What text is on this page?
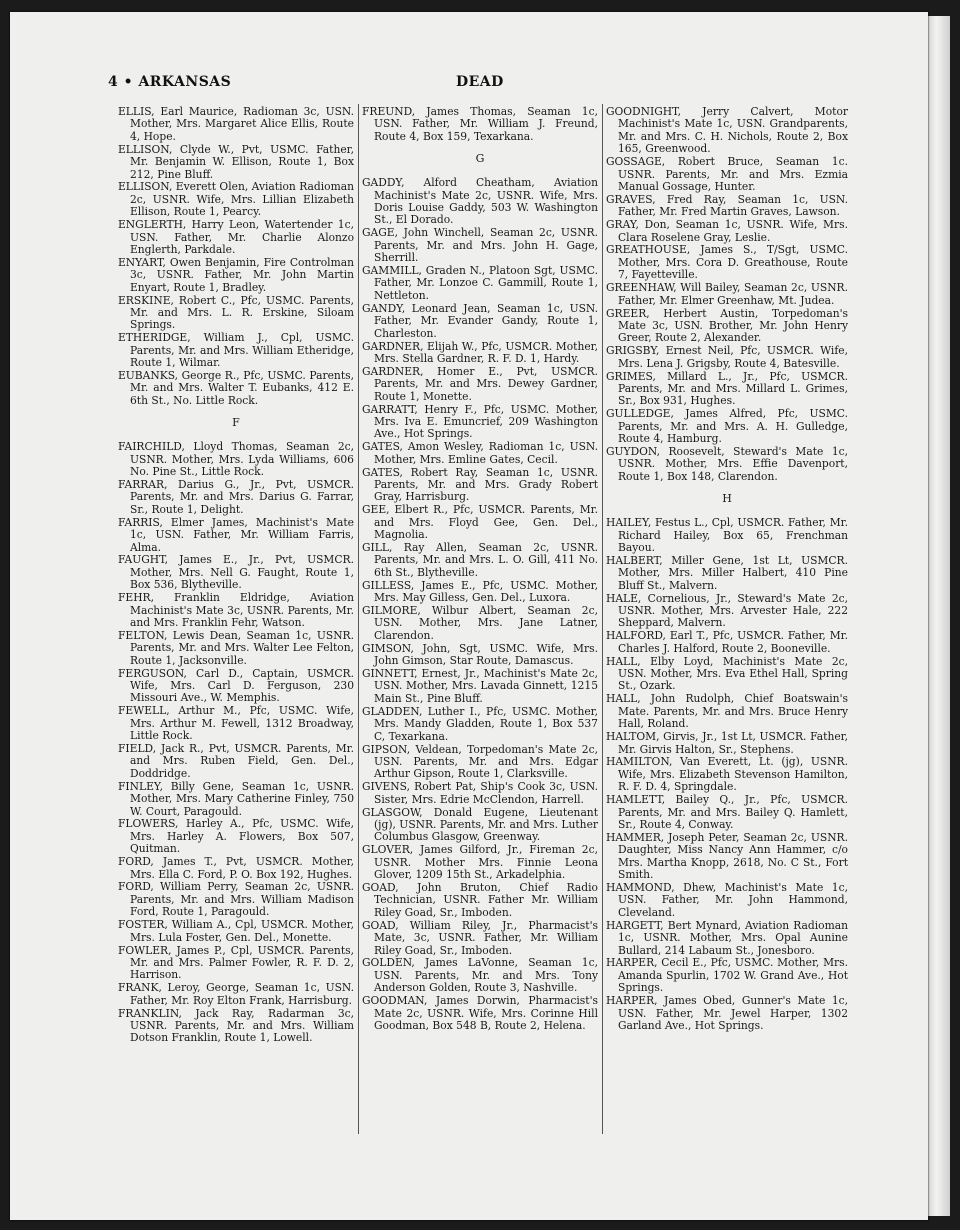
4 • ARKANSAS	DEAD

ELLIS, Earl Maurice, Radioman 3c, USN. Mother, Mrs. Margaret Alice Ellis, Route 4, Hope.

ELLISON, Clyde W., Pvt, USMC. Father, Mr. Benjamin W. Ellison, Route 1, Box 212, Pine Bluff.

ELLISON, Everett Olen, Aviation Radioman 2c, USNR. Wife, Mrs. Lillian Elizabeth Ellison, Route 1, Pearcy.

ENGLERTH, Harry Leon, Watertender 1c, USN. Father, Mr. Charlie Alonzo Englerth, Parkdale.

ENYART, Owen Benjamin, Fire Controlman 3c, USNR. Father, Mr. John Martin Enyart, Route 1, Bradley.

ERSKINE, Robert C., Pfc, USMC. Parents, Mr. and Mrs. L. R. Erskine, Siloam Springs.

ETHERIDGE, William J., Cpl, USMC. Parents, Mr. and Mrs. William Etheridge, Route 1, Wilmar.

EUBANKS, George R., Pfc, USMC. Parents, Mr. and Mrs. Walter T. Eubanks, 412 E. 6th St., No. Little Rock.

F

FAIRCHILD, Lloyd Thomas, Seaman 2c, USNR. Mother, Mrs. Lyda Williams, 606 No. Pine St., Little Rock.

FARRAR, Darius G., Jr., Pvt, USMCR. Parents, Mr. and Mrs. Darius G. Farrar, Sr., Route 1, Delight.

FARRIS, Elmer James, Machinist's Mate 1c, USN. Father, Mr. William Farris, Alma.

FAUGHT, James E., Jr., Pvt, USMCR. Mother, Mrs. Nell G. Faught, Route 1, Box 536, Blytheville.

FEHR, Franklin Eldridge, Aviation Machinist's Mate 3c, USNR. Parents, Mr. and Mrs. Franklin Fehr, Watson.

FELTON, Lewis Dean, Seaman 1c, USNR. Parents, Mr. and Mrs. Walter Lee Felton, Route 1, Jacksonville.

FERGUSON, Carl D., Captain, USMCR. Wife, Mrs. Carl D. Ferguson, 230 Missouri Ave., W. Memphis.

FEWELL, Arthur M., Pfc, USMC. Wife, Mrs. Arthur M. Fewell, 1312 Broadway, Little Rock.

FIELD, Jack R., Pvt, USMCR. Parents, Mr. and Mrs. Ruben Field, Gen. Del., Doddridge.

FINLEY, Billy Gene, Seaman 1c, USNR. Mother, Mrs. Mary Catherine Finley, 750 W. Court, Paragould.

FLOWERS, Harley A., Pfc, USMC. Wife, Mrs. Harley A. Flowers, Box 507, Quitman.

FORD, James T., Pvt, USMCR. Mother, Mrs. Ella C. Ford, P. O. Box 192, Hughes.

FORD, William Perry, Seaman 2c, USNR. Parents, Mr. and Mrs. William Madison Ford, Route 1, Paragould.

FOSTER, William A., Cpl, USMCR. Mother, Mrs. Lula Foster, Gen. Del., Monette.

FOWLER, James P., Cpl, USMCR. Parents, Mr. and Mrs. Palmer Fowler, R. F. D. 2, Harrison.

FRANK, Leroy, George, Seaman 1c, USN. Father, Mr. Roy Elton Frank, Harrisburg.

FRANKLIN, Jack Ray, Radarman 3c, USNR. Parents, Mr. and Mrs. William Dotson Franklin, Route 1, Lowell.

FREUND, James Thomas, Seaman 1c, USN. Father, Mr. William J. Freund, Route 4, Box 159, Texarkana.

G

GADDY, Alford Cheatham, Aviation Machinist's Mate 2c, USNR. Wife, Mrs. Doris Louise Gaddy, 503 W. Washington St., El Dorado.

GAGE, John Winchell, Seaman 2c, USNR. Parents, Mr. and Mrs. John H. Gage, Sherrill.

GAMMILL, Graden N., Platoon Sgt, USMC. Father, Mr. Lonzoe C. Gammill, Route 1, Nettleton.

GANDY, Leonard Jean, Seaman 1c, USN. Father, Mr. Evander Gandy, Route 1, Charleston.

GARDNER, Elijah W., Pfc, USMCR. Mother, Mrs. Stella Gardner, R. F. D. 1, Hardy.

GARDNER, Homer E., Pvt, USMCR. Parents, Mr. and Mrs. Dewey Gardner, Route 1, Monette.

GARRATT, Henry F., Pfc, USMC. Mother, Mrs. Iva E. Emuncrief, 209 Washington Ave., Hot Springs.

GATES, Amon Wesley, Radioman 1c, USN. Mother, Mrs. Emline Gates, Cecil.

GATES, Robert Ray, Seaman 1c, USNR. Parents, Mr. and Mrs. Grady Robert Gray, Harrisburg.

GEE, Elbert R., Pfc, USMCR. Parents, Mr. and Mrs. Floyd Gee, Gen. Del., Magnolia.

GILL, Ray Allen, Seaman 2c, USNR. Parents, Mr. and Mrs. L. O. Gill, 411 No. 6th St., Blytheville.

GILLESS, James E., Pfc, USMC. Mother, Mrs. May Gilless, Gen. Del., Luxora.

GILMORE, Wilbur Albert, Seaman 2c, USN. Mother, Mrs. Jane Latner, Clarendon.

GIMSON, John, Sgt, USMC. Wife, Mrs. John Gimson, Star Route, Damascus.

GINNETT, Ernest, Jr., Machinist's Mate 2c, USN. Mother, Mrs. Lavada Ginnett, 1215 Main St., Pine Bluff.

GLADDEN, Luther I., Pfc, USMC. Mother, Mrs. Mandy Gladden, Route 1, Box 537 C, Texarkana.

GIPSON, Veldean, Torpedoman's Mate 2c, USN. Parents, Mr. and Mrs. Edgar Arthur Gipson, Route 1, Clarksville.

GIVENS, Robert Pat, Ship's Cook 3c, USN. Sister, Mrs. Edrie McClendon, Harrell.

GLASGOW, Donald Eugene, Lieutenant (jg), USNR. Parents, Mr. and Mrs. Luther Columbus Glasgow, Greenway.

GLOVER, James Gilford, Jr., Fireman 2c, USNR. Mother Mrs. Finnie Leona Glover, 1209 15th St., Arkadelphia.

GOAD, John Bruton, Chief Radio Technician, USNR. Father Mr. William Riley Goad, Sr., Imboden.

GOAD, William Riley, Jr., Pharmacist's Mate, 3c, USNR. Father, Mr. William Riley Goad, Sr., Imboden.

GOLDEN, James LaVonne, Seaman 1c, USN. Parents, Mr. and Mrs. Tony Anderson Golden, Route 3, Nashville.

GOODMAN, James Dorwin, Pharmacist's Mate 2c, USNR. Wife, Mrs. Corinne Hill Goodman, Box 548 B, Route 2, Helena.

GOODNIGHT, Jerry Calvert, Motor Machinist's Mate 1c, USN. Grandparents, Mr. and Mrs. C. H. Nichols, Route 2, Box 165, Greenwood.

GOSSAGE, Robert Bruce, Seaman 1c. USNR. Parents, Mr. and Mrs. Ezmia Manual Gossage, Hunter.

GRAVES, Fred Ray, Seaman 1c, USN. Father, Mr. Fred Martin Graves, Lawson.

GRAY, Don, Seaman 1c, USNR. Wife, Mrs. Clara Roselene Gray, Leslie.

GREATHOUSE, James S., T/Sgt, USMC. Mother, Mrs. Cora D. Greathouse, Route 7, Fayetteville.

GREENHAW, Will Bailey, Seaman 2c, USNR. Father, Mr. Elmer Greenhaw, Mt. Judea.

GREER, Herbert Austin, Torpedoman's Mate 3c, USN. Brother, Mr. John Henry Greer, Route 2, Alexander.

GRIGSBY, Ernest Neil, Pfc, USMCR. Wife, Mrs. Lena J. Grigsby, Route 4, Batesville.

GRIMES, Millard L., Jr., Pfc, USMCR. Parents, Mr. and Mrs. Millard L. Grimes, Sr., Box 931, Hughes.

GULLEDGE, James Alfred, Pfc, USMC. Parents, Mr. and Mrs. A. H. Gulledge, Route 4, Hamburg.

GUYDON, Roosevelt, Steward's Mate 1c, USNR. Mother, Mrs. Effie Davenport, Route 1, Box 148, Clarendon.

H

HAILEY, Festus L., Cpl, USMCR. Father, Mr. Richard Hailey, Box 65, Frenchman Bayou.

HALBERT, Miller Gene, 1st Lt, USMCR. Mother, Mrs. Miller Halbert, 410 Pine Bluff St., Malvern.

HALE, Cornelious, Jr., Steward's Mate 2c, USNR. Mother, Mrs. Arvester Hale, 222 Sheppard, Malvern.

HALFORD, Earl T., Pfc, USMCR. Father, Mr. Charles J. Halford, Route 2, Booneville.

HALL, Elby Loyd, Machinist's Mate 2c, USN. Mother, Mrs. Eva Ethel Hall, Spring St., Ozark.

HALL, John Rudolph, Chief Boatswain's Mate. Parents, Mr. and Mrs. Bruce Henry Hall, Roland.

HALTOM, Girvis, Jr., 1st Lt, USMCR. Father, Mr. Girvis Halton, Sr., Stephens.

HAMILTON, Van Everett, Lt. (jg), USNR. Wife, Mrs. Elizabeth Stevenson Hamilton, R. F. D. 4, Springdale.

HAMLETT, Bailey Q., Jr., Pfc, USMCR. Parents, Mr. and Mrs. Bailey Q. Hamlett, Sr., Route 4, Conway.

HAMMER, Joseph Peter, Seaman 2c, USNR. Daughter, Miss Nancy Ann Hammer, c/o Mrs. Martha Knopp, 2618, No. C St., Fort Smith.

HAMMOND, Dhew, Machinist's Mate 1c, USN. Father, Mr. John Hammond, Cleveland.

HARGETT, Bert Mynard, Aviation Radioman 1c, USNR. Mother, Mrs. Opal Aunine Bullard, 214 Labaum St., Jonesboro.

HARPER, Cecil E., Pfc, USMC. Mother, Mrs. Amanda Spurlin, 1702 W. Grand Ave., Hot Springs.

HARPER, James Obed, Gunner's Mate 1c, USN. Father, Mr. Jewel Harper, 1302 Garland Ave., Hot Springs.
